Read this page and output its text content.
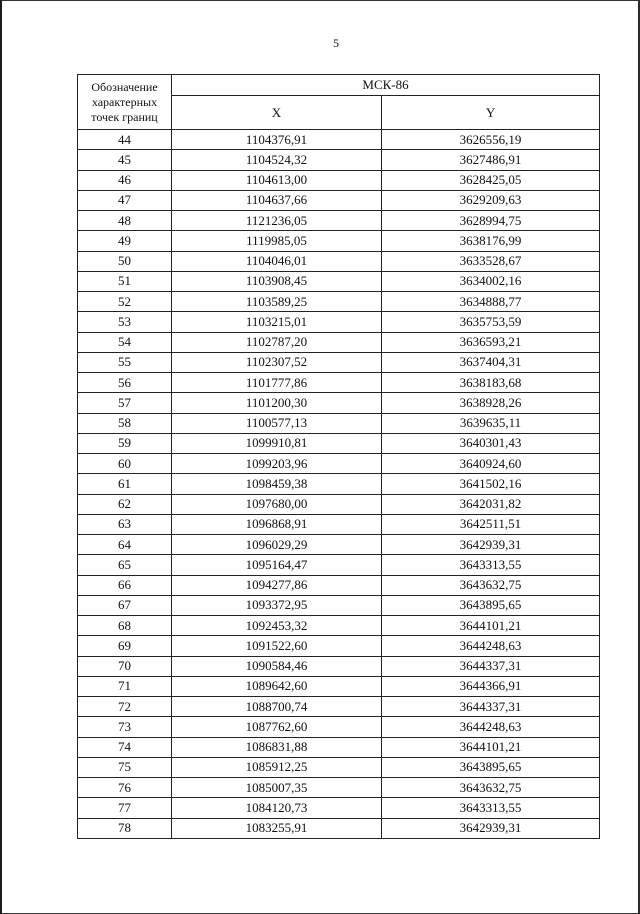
5
Обозначение
характерных
точек границ	МСК-86	
	X	Y
44	1104376,91	3626556,19
45	1104524,32	3627486,91
46	1104613,00	3628425,05
47	1104637,66	3629209,63
48	1121236,05	3628994,75
49	1119985,05	3638176,99
50	1104046,01	3633528,67
51	1103908,45	3634002,16
52	1103589,25	3634888,77
53	1103215,01	3635753,59
54	1102787,20	3636593,21
55	1102307,52	3637404,31
56	1101777,86	3638183,68
57	1101200,30	3638928,26
58	1100577,13	3639635,11
59	1099910,81	3640301,43
60	1099203,96	3640924,60
61	1098459,38	3641502,16
62	1097680,00	3642031,82
63	1096868,91	3642511,51
64	1096029,29	3642939,31
65	1095164,47	3643313,55
66	1094277,86	3643632,75
67	1093372,95	3643895,65
68	1092453,32	3644101,21
69	1091522,60	3644248,63
70	1090584,46	3644337,31
71	1089642,60	3644366,91
72	1088700,74	3644337,31
73	1087762,60	3644248,63
74	1086831,88	3644101,21
75	1085912,25	3643895,65
76	1085007,35	3643632,75
77	1084120,73	3643313,55
78	1083255,91	3642939,31
